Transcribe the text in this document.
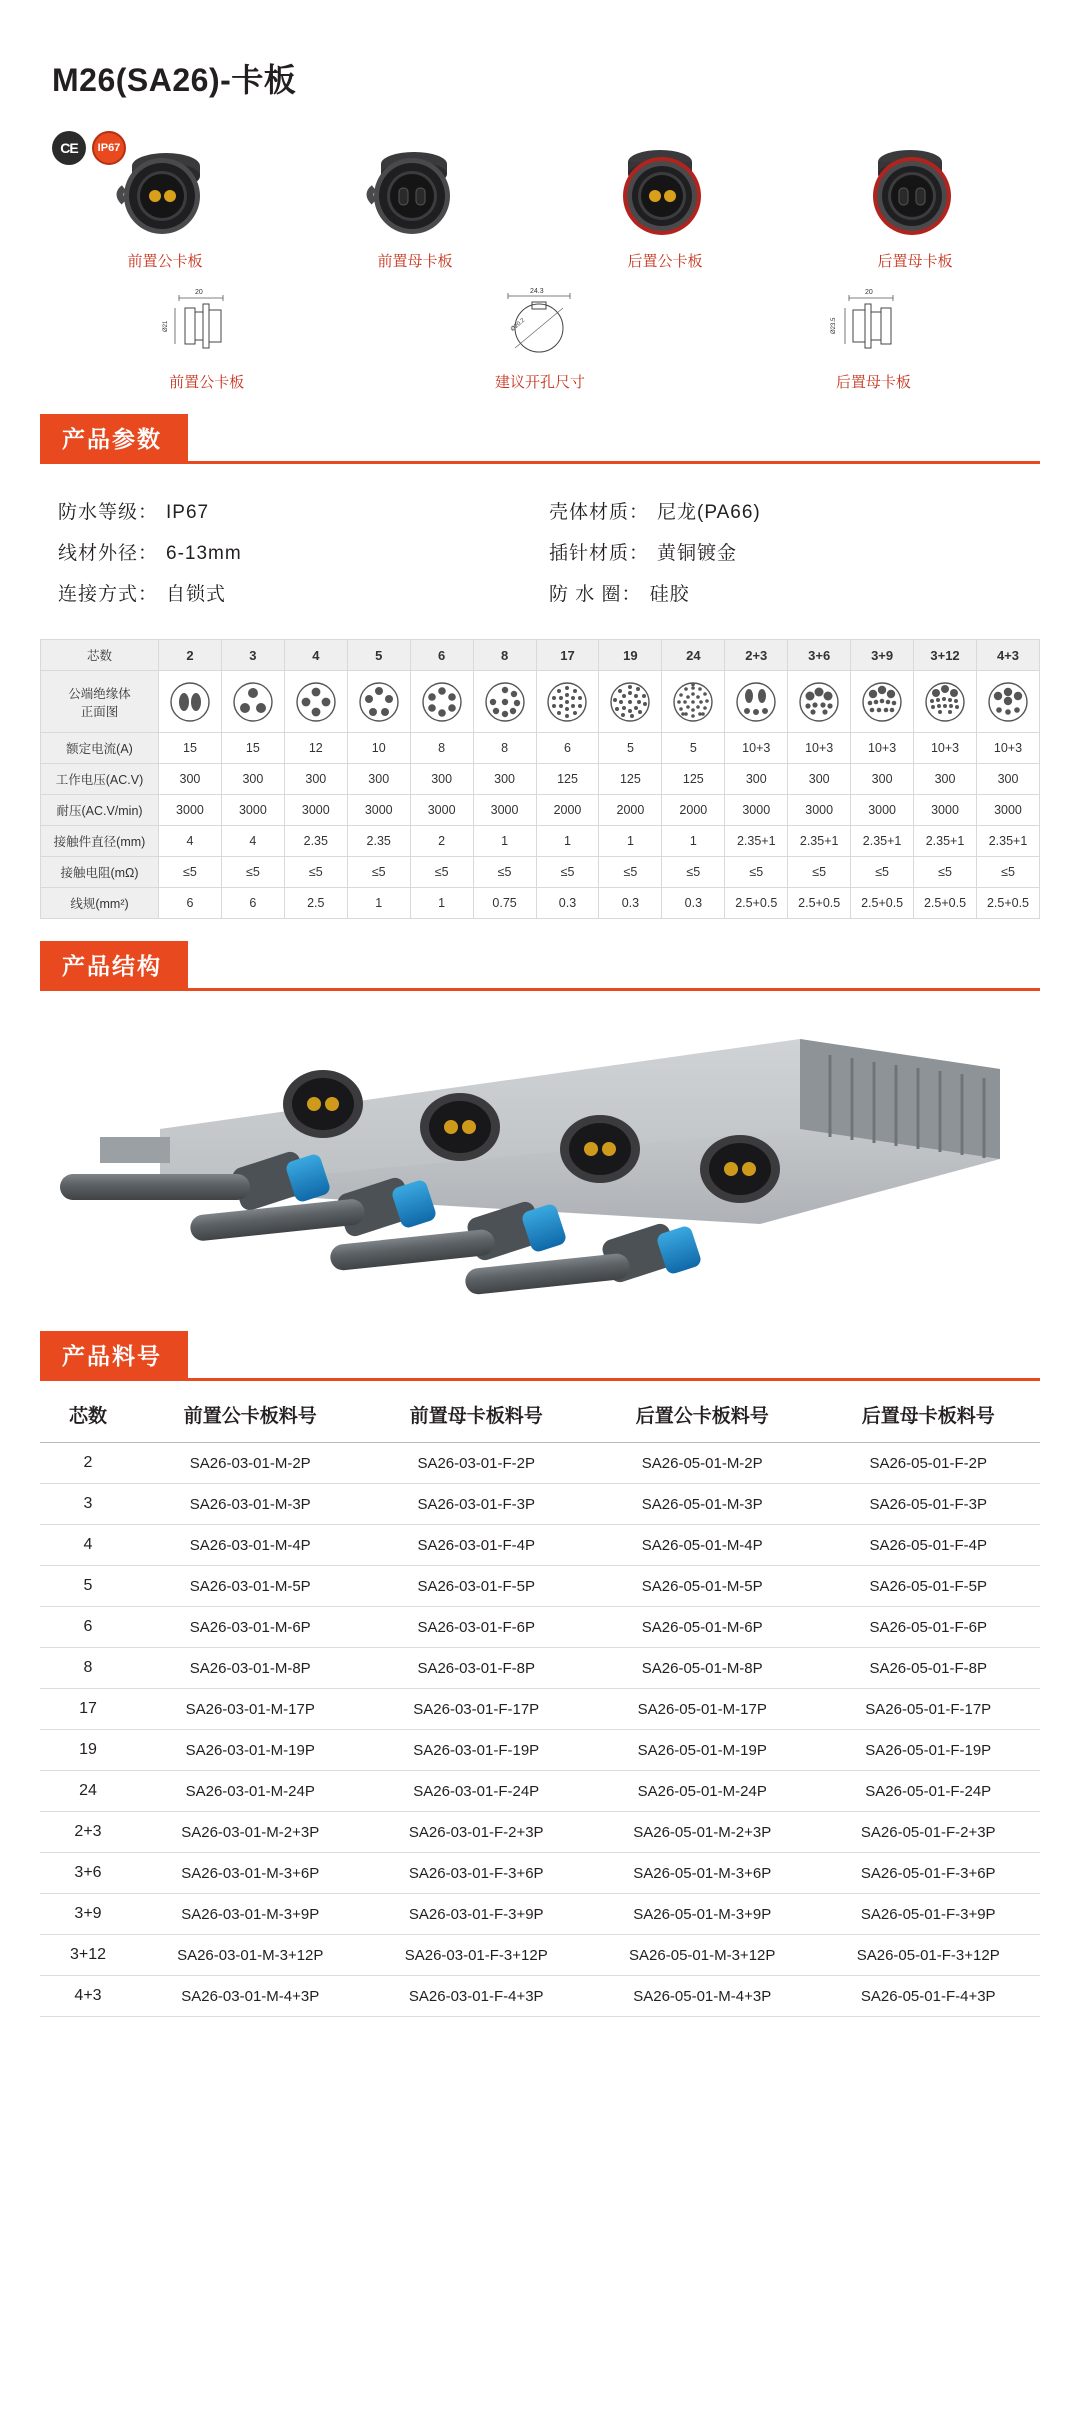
M26(SA26)-卡板
CE	IP67
前置公卡板	前置母卡板	后置公卡板	后置母卡板
20
Ø21
前置公卡板
24.3
Ø20.2
建议开孔尺寸
20
Ø23.5
后置母卡板
产品参数
防水等级： IP67
线材外径： 6-13mm
连接方式： 自锁式
壳体材质： 尼龙(PA66)
插针材质： 黄铜镀金
防 水 圈： 硅胶
芯数	2	3	4	5	6	8	17	19	24	2+3	3+6	3+9	3+12	4+3

公端绝缘体
正面图

额定电流(A)	15	15	12	10	8	8	6	5	5	10+3	10+3	10+3	10+3	10+3
工作电压(AC.V)	300	300	300	300	300	300	125	125	125	300	300	300	300	300
耐压(AC.V/min)	3000	3000	3000	3000	3000	3000	2000	2000	2000	3000	3000	3000	3000	3000
接触件直径(mm)	4	4	2.35	2.35	2	1	1	1	1	2.35+1	2.35+1	2.35+1	2.35+1	2.35+1
接触电阻(mΩ)	≤5	≤5	≤5	≤5	≤5	≤5	≤5	≤5	≤5	≤5	≤5	≤5	≤5	≤5
线规(mm²)	6	6	2.5	1	1	0.75	0.3	0.3	0.3	2.5+0.5	2.5+0.5	2.5+0.5	2.5+0.5	2.5+0.5
产品结构
产品料号
芯数	前置公卡板料号	前置母卡板料号	后置公卡板料号	后置母卡板料号
2	SA26-03-01-M-2P	SA26-03-01-F-2P	SA26-05-01-M-2P	SA26-05-01-F-2P
3	SA26-03-01-M-3P	SA26-03-01-F-3P	SA26-05-01-M-3P	SA26-05-01-F-3P
4	SA26-03-01-M-4P	SA26-03-01-F-4P	SA26-05-01-M-4P	SA26-05-01-F-4P
5	SA26-03-01-M-5P	SA26-03-01-F-5P	SA26-05-01-M-5P	SA26-05-01-F-5P
6	SA26-03-01-M-6P	SA26-03-01-F-6P	SA26-05-01-M-6P	SA26-05-01-F-6P
8	SA26-03-01-M-8P	SA26-03-01-F-8P	SA26-05-01-M-8P	SA26-05-01-F-8P
17	SA26-03-01-M-17P	SA26-03-01-F-17P	SA26-05-01-M-17P	SA26-05-01-F-17P
19	SA26-03-01-M-19P	SA26-03-01-F-19P	SA26-05-01-M-19P	SA26-05-01-F-19P
24	SA26-03-01-M-24P	SA26-03-01-F-24P	SA26-05-01-M-24P	SA26-05-01-F-24P
2+3	SA26-03-01-M-2+3P	SA26-03-01-F-2+3P	SA26-05-01-M-2+3P	SA26-05-01-F-2+3P
3+6	SA26-03-01-M-3+6P	SA26-03-01-F-3+6P	SA26-05-01-M-3+6P	SA26-05-01-F-3+6P
3+9	SA26-03-01-M-3+9P	SA26-03-01-F-3+9P	SA26-05-01-M-3+9P	SA26-05-01-F-3+9P
3+12	SA26-03-01-M-3+12P	SA26-03-01-F-3+12P	SA26-05-01-M-3+12P	SA26-05-01-F-3+12P
4+3	SA26-03-01-M-4+3P	SA26-03-01-F-4+3P	SA26-05-01-M-4+3P	SA26-05-01-F-4+3P
